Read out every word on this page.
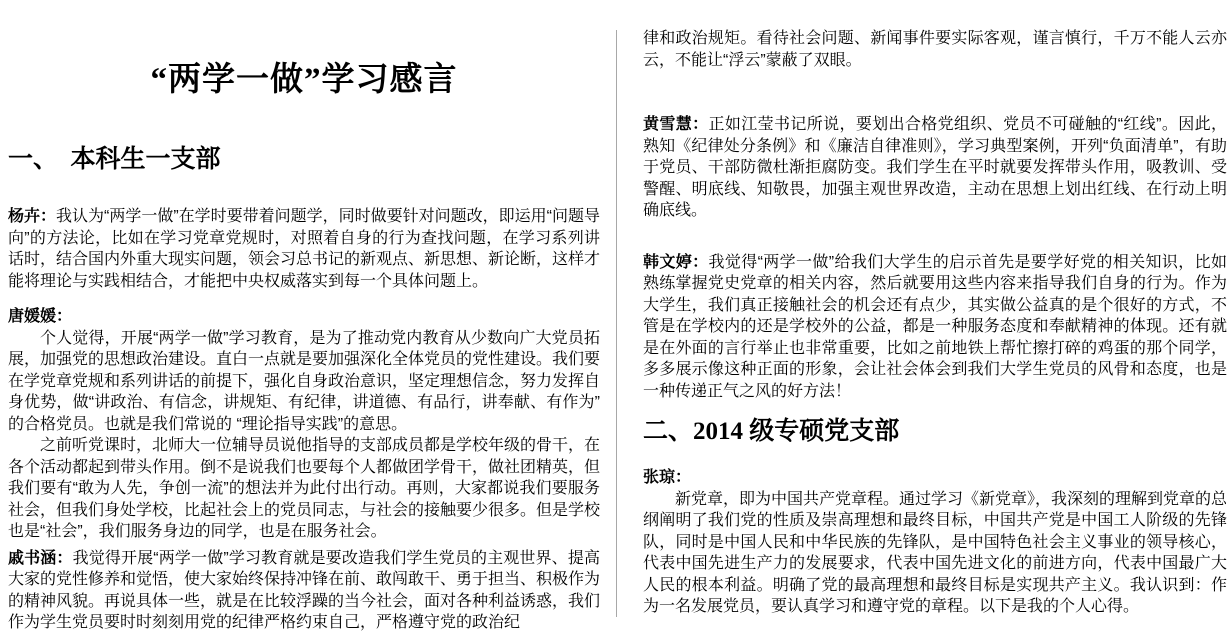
“两学一做”学习感言
一、　本科生一支部

杨卉：我认为“两学一做”在学时要带着问题学，同时做要针对问题改，即运用“问题导向”的方法论，比如在学习党章党规时，对照着自身的行为查找问题，在学习系列讲话时，结合国内外重大现实问题，领会习总书记的新观点、新思想、新论断，这样才能将理论与实践相结合，才能把中央权威落实到每一个具体问题上。

唐媛媛：

个人觉得，开展“两学一做”学习教育，是为了推动党内教育从少数向广大党员拓展，加强党的思想政治建设。直白一点就是要加强深化全体党员的党性建设。我们要在学党章党规和系列讲话的前提下，强化自身政治意识，坚定理想信念，努力发挥自身优势，做“讲政治、有信念，讲规矩、有纪律，讲道德、有品行，讲奉献、有作为”的合格党员。也就是我们常说的 “理论指导实践”的意思。

之前听党课时，北师大一位辅导员说他指导的支部成员都是学校年级的骨干，在各个活动都起到带头作用。倒不是说我们也要每个人都做团学骨干，做社团精英，但我们要有“敢为人先，争创一流”的想法并为此付出行动。再则，大家都说我们要服务社会，但我们身处学校，比起社会上的党员同志，与社会的接触要少很多。但是学校也是“社会”，我们服务身边的同学，也是在服务社会。

戚书涵：我觉得开展“两学一做”学习教育就是要改造我们学生党员的主观世界、提高大家的党性修养和觉悟，使大家始终保持冲锋在前、敢闯敢干、勇于担当、积极作为的精神风貌。再说具体一些，就是在比较浮躁的当今社会，面对各种利益诱惑，我们作为学生党员要时时刻刻用党的纪律严格约束自己，严格遵守党的政治纪

律和政治规矩。看待社会问题、新闻事件要实际客观，谨言慎行，千万不能人云亦云，不能让“浮云”蒙蔽了双眼。

黄雪慧：正如江莹书记所说，要划出合格党组织、党员不可碰触的“红线”。因此，熟知《纪律处分条例》和《廉洁自律准则》，学习典型案例，开列“负面清单”，有助于党员、干部防微杜渐拒腐防变。我们学生在平时就要发挥带头作用，吸教训、受警醒、明底线、知敬畏，加强主观世界改造，主动在思想上划出红线、在行动上明确底线。

韩文婷：我觉得“两学一做”给我们大学生的启示首先是要学好党的相关知识，比如熟练掌握党史党章的相关内容，然后就要用这些内容来指导我们自身的行为。作为大学生，我们真正接触社会的机会还有点少，其实做公益真的是个很好的方式，不管是在学校内的还是学校外的公益，都是一种服务态度和奉献精神的体现。还有就是在外面的言行举止也非常重要，比如之前地铁上帮忙擦打碎的鸡蛋的那个同学，多多展示像这种正面的形象，会让社会体会到我们大学生党员的风骨和态度，也是一种传递正气之风的好方法！

二、2014 级专硕党支部
张琼：

新党章，即为中国共产党章程。通过学习《新党章》，我深刻的理解到党章的总纲阐明了我们党的性质及崇高理想和最终目标，中国共产党是中国工人阶级的先锋队，同时是中国人民和中华民族的先锋队，是中国特色社会主义事业的领导核心，代表中国先进生产力的发展要求，代表中国先进文化的前进方向，代表中国最广大人民的根本利益。明确了党的最高理想和最终目标是实现共产主义。我认识到：作为一名发展党员，要认真学习和遵守党的章程。以下是我的个人心得。
